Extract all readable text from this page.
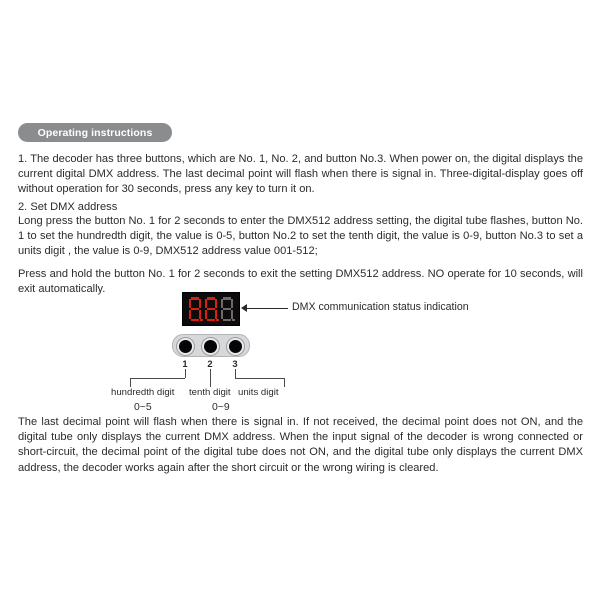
Operating instructions
1. The decoder has three buttons, which are No. 1, No. 2, and button No.3. When power on, the digital displays the current digital DMX address. The last decimal point will flash when there is signal in. Three-digital-display goes off without operation for 30 seconds, press any key to turn it on.
2. Set DMX address
Long press the button No. 1 for 2 seconds to enter the DMX512 address setting, the digital tube flashes, button No. 1 to set the hundredth digit, the value is 0-5, button No.2 to set the tenth digit, the value is 0-9, button No.3 to set a units digit , the value is 0-9, DMX512 address value 001-512;
Press and hold the button No. 1 for 2 seconds to exit the setting DMX512 address. NO operate for 10 seconds, will exit automatically.
DMX communication status indication
1	2	3
hundredth digit tenth digit units digit
0~5	0~9
The last decimal point will flash when there is signal in. If not received, the decimal point does not ON, and the digital tube only displays the current DMX address. When the input signal of the decoder is wrong connected or short-circuit, the decimal point of the digital tube does not ON, and the digital tube only displays the current DMX address, the decoder works again after the short circuit or the wrong wiring is cleared.
